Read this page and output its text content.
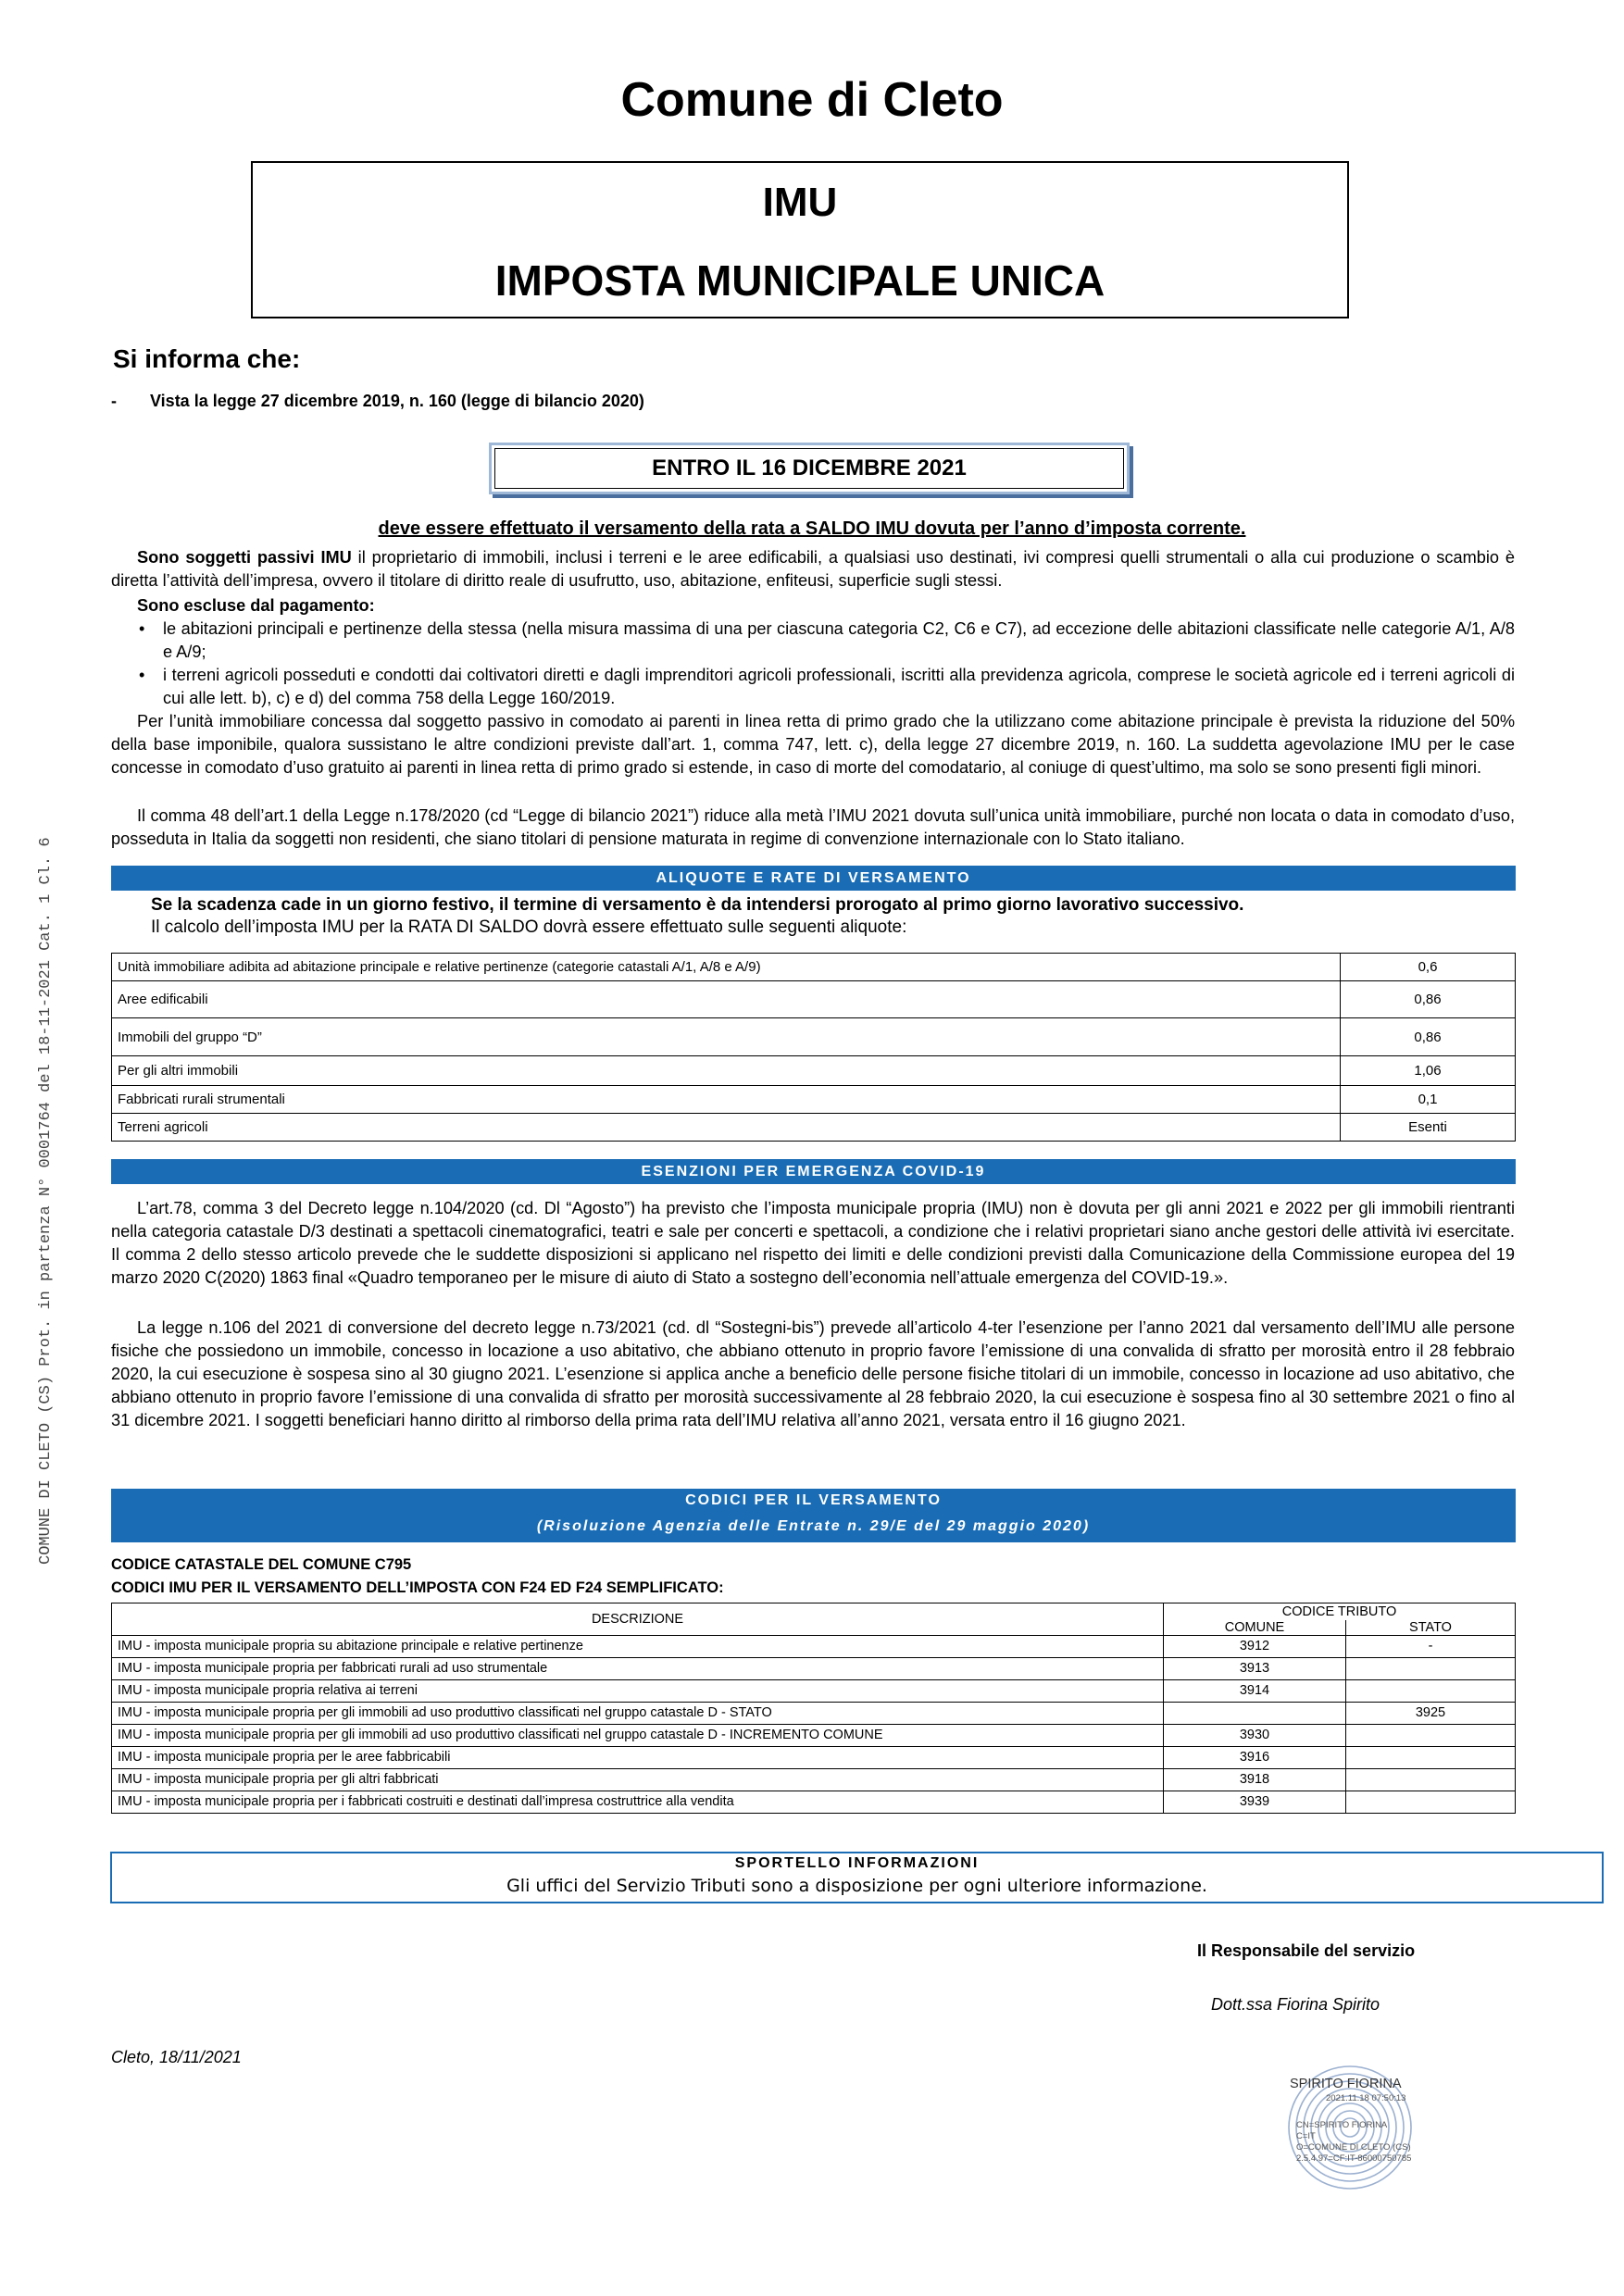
COMUNE DI CLETO (CS) Prot. in partenza N° 0001764 del 18-11-2021 Cat. 1 Cl. 6
Comune di Cleto
IMU
IMPOSTA MUNICIPALE UNICA
Si informa che:
- Vista la legge 27 dicembre 2019, n. 160 (legge di bilancio 2020)
ENTRO IL 16 DICEMBRE 2021
deve essere effettuato il versamento della rata a SALDO IMU dovuta per l’anno d’imposta corrente.
Sono soggetti passivi IMU il proprietario di immobili, inclusi i terreni e le aree edificabili, a qualsiasi uso destinati, ivi compresi quelli strumentali o alla cui produzione o scambio è diretta l’attività dell’impresa, ovvero il titolare di diritto reale di usufrutto, uso, abitazione, enfiteusi, superficie sugli stessi.
Sono escluse dal pagamento:
• le abitazioni principali e pertinenze della stessa (nella misura massima di una per ciascuna categoria C2, C6 e C7), ad eccezione delle abitazioni classificate nelle categorie A/1, A/8 e A/9;
• i terreni agricoli posseduti e condotti dai coltivatori diretti e dagli imprenditori agricoli professionali, iscritti alla previdenza agricola, comprese le società agricole ed i terreni agricoli di cui alle lett. b), c) e d) del comma 758 della Legge 160/2019.
Per l’unità immobiliare concessa dal soggetto passivo in comodato ai parenti in linea retta di primo grado che la utilizzano come abitazione principale è prevista la riduzione del 50% della base imponibile, qualora sussistano le altre condizioni previste dall’art. 1, comma 747, lett. c), della legge 27 dicembre 2019, n. 160. La suddetta agevolazione IMU per le case concesse in comodato d’uso gratuito ai parenti in linea retta di primo grado si estende, in caso di morte del comodatario, al coniuge di quest’ultimo, ma solo se sono presenti figli minori.
Il comma 48 dell’art.1 della Legge n.178/2020 (cd “Legge di bilancio 2021”) riduce alla metà l’IMU 2021 dovuta sull’unica unità immobiliare, purché non locata o data in comodato d’uso, posseduta in Italia da soggetti non residenti, che siano titolari di pensione maturata in regime di convenzione internazionale con lo Stato italiano.
ALIQUOTE E RATE DI VERSAMENTO
Se la scadenza cade in un giorno festivo, il termine di versamento è da intendersi prorogato al primo giorno lavorativo successivo.
Il calcolo dell’imposta IMU per la RATA DI SALDO dovrà essere effettuato sulle seguenti aliquote:
Unità immobiliare adibita ad abitazione principale e relative pertinenze (categorie catastali A/1, A/8 e A/9)	0,6
Aree edificabili	0,86
Immobili del gruppo “D”	0,86
Per gli altri immobili	1,06
Fabbricati rurali strumentali	0,1
Terreni agricoli	Esenti
ESENZIONI PER EMERGENZA COVID-19
L’art.78, comma 3 del Decreto legge n.104/2020 (cd. Dl “Agosto”) ha previsto che l’imposta municipale propria (IMU) non è dovuta per gli anni 2021 e 2022 per gli immobili rientranti nella categoria catastale D/3 destinati a spettacoli cinematografici, teatri e sale per concerti e spettacoli, a condizione che i relativi proprietari siano anche gestori delle attività ivi esercitate. Il comma 2 dello stesso articolo prevede che le suddette disposizioni si applicano nel rispetto dei limiti e delle condizioni previsti dalla Comunicazione della Commissione europea del 19 marzo 2020 C(2020) 1863 final «Quadro temporaneo per le misure di aiuto di Stato a sostegno dell’economia nell’attuale emergenza del COVID-19.».
La legge n.106 del 2021 di conversione del decreto legge n.73/2021 (cd. dl “Sostegni-bis”) prevede all’articolo 4-ter l’esenzione per l’anno 2021 dal versamento dell’IMU alle persone fisiche che possiedono un immobile, concesso in locazione a uso abitativo, che abbiano ottenuto in proprio favore l’emissione di una convalida di sfratto per morosità entro il 28 febbraio 2020, la cui esecuzione è sospesa sino al 30 giugno 2021. L’esenzione si applica anche a beneficio delle persone fisiche titolari di un immobile, concesso in locazione ad uso abitativo, che abbiano ottenuto in proprio favore l’emissione di una convalida di sfratto per morosità successivamente al 28 febbraio 2020, la cui esecuzione è sospesa fino al 30 settembre 2021 o fino al 31 dicembre 2021. I soggetti beneficiari hanno diritto al rimborso della prima rata dell’IMU relativa all’anno 2021, versata entro il 16 giugno 2021.
CODICI PER IL VERSAMENTO
(Risoluzione Agenzia delle Entrate n. 29/E del 29 maggio 2020)
CODICE CATASTALE DEL COMUNE C795
CODICI IMU PER IL VERSAMENTO DELL’IMPOSTA CON F24 ED F24 SEMPLIFICATO:
DESCRIZIONE	CODICE TRIBUTO	
	COMUNE	STATO
IMU - imposta municipale propria su abitazione principale e relative pertinenze	3912	-
IMU - imposta municipale propria per fabbricati rurali ad uso strumentale	3913	
IMU - imposta municipale propria relativa ai terreni	3914	
IMU - imposta municipale propria per gli immobili ad uso produttivo classificati nel gruppo catastale D - STATO		3925
IMU - imposta municipale propria per gli immobili ad uso produttivo classificati nel gruppo catastale D - INCREMENTO COMUNE	3930	
IMU - imposta municipale propria per le aree fabbricabili	3916	
IMU - imposta municipale propria per gli altri fabbricati	3918	
IMU - imposta municipale propria per i fabbricati costruiti e destinati dall’impresa costruttrice alla vendita	3939	
SPORTELLO INFORMAZIONI
Gli uffici del Servizio Tributi sono a disposizione per ogni ulteriore informazione.
Il Responsabile del servizio
Dott.ssa Fiorina Spirito
Cleto, 18/11/2021
SPIRITO FIORINA
2021.11.18 07:50:13
CN=SPIRITO FIORINA
C=IT
O=COMUNE DI CLETO (CS)
2.5.4.97=CF:IT-86000750785
